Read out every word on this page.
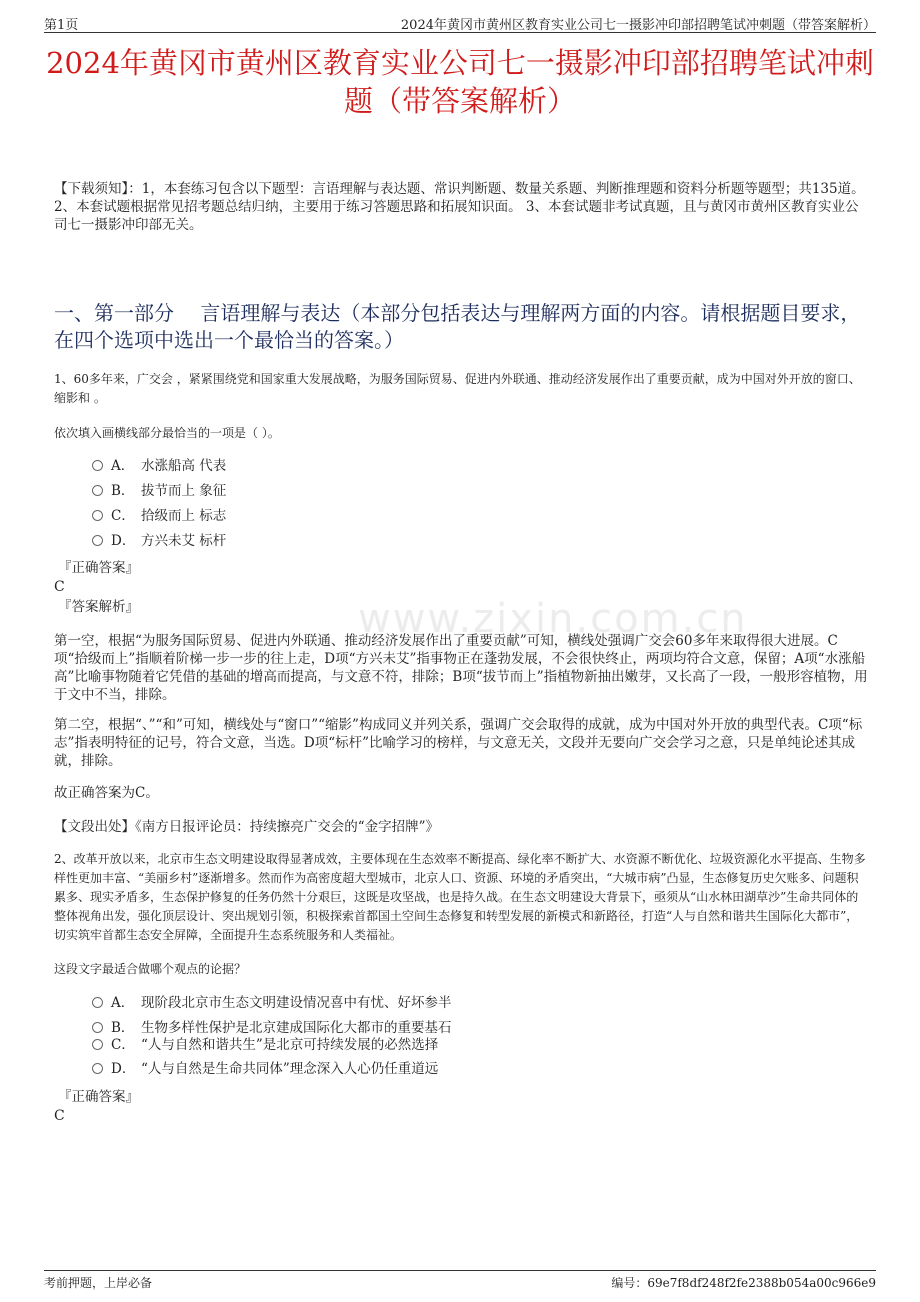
第1页	2024年黄冈市黄州区教育实业公司七一摄影冲印部招聘笔试冲刺题（带答案解析）
2024年黄冈市黄州区教育实业公司七一摄影冲印部招聘笔试冲刺题（带答案解析）
【下载须知】：1，本套练习包含以下题型：言语理解与表达题、常识判断题、数量关系题、判断推理题和资料分析题等题型；共135道。 2、本套试题根据常见招考题总结归纳，主要用于练习答题思路和拓展知识面。 3、本套试题非考试真题，且与黄冈市黄州区教育实业公司七一摄影冲印部无关。
一、第一部分　 言语理解与表达（本部分包括表达与理解两方面的内容。请根据题目要求，在四个选项中选出一个最恰当的答案。）
www.zixin.com.cn
1、60多年来，广交会 ，紧紧围绕党和国家重大发展战略，为服务国际贸易、促进内外联通、推动经济发展作出了重要贡献，成为中国对外开放的窗口、缩影和 。
依次填入画横线部分最恰当的一项是（ ）。
A． 水涨船高 代表
B． 拔节而上 象征
C． 拾级而上 标志
D． 方兴未艾 标杆
『正确答案』
C
『答案解析』
第一空，根据“为服务国际贸易、促进内外联通、推动经济发展作出了重要贡献”可知，横线处强调广交会60多年来取得很大进展。C项“拾级而上”指顺着阶梯一步一步的往上走，D项“方兴未艾”指事物正在蓬勃发展，不会很快终止，两项均符合文意，保留；A项“水涨船高”比喻事物随着它凭借的基础的增高而提高，与文意不符，排除；B项“拔节而上”指植物新抽出嫩芽，又长高了一段，一般形容植物，用于文中不当，排除。
第二空，根据“、”“和”可知，横线处与“窗口”“缩影”构成同义并列关系，强调广交会取得的成就，成为中国对外开放的典型代表。C项“标志”指表明特征的记号，符合文意，当选。D项“标杆”比喻学习的榜样，与文意无关，文段并无要向广交会学习之意，只是单纯论述其成就，排除。
故正确答案为C。
【文段出处】《南方日报评论员：持续擦亮广交会的“金字招牌”》
2、改革开放以来，北京市生态文明建设取得显著成效，主要体现在生态效率不断提高、绿化率不断扩大、水资源不断优化、垃圾资源化水平提高、生物多样性更加丰富、“美丽乡村”逐渐增多。然而作为高密度超大型城市，北京人口、资源、环境的矛盾突出，“大城市病”凸显，生态修复历史欠账多、问题积累多、现实矛盾多，生态保护修复的任务仍然十分艰巨，这既是攻坚战，也是持久战。在生态文明建设大背景下，亟须从“山水林田湖草沙”生命共同体的整体视角出发，强化顶层设计、突出规划引领，积极探索首都国土空间生态修复和转型发展的新模式和新路径，打造“人与自然和谐共生国际化大都市”，切实筑牢首都生态安全屏障，全面提升生态系统服务和人类福祉。
这段文字最适合做哪个观点的论据？
A． 现阶段北京市生态文明建设情况喜中有忧、好坏参半
B． 生物多样性保护是北京建成国际化大都市的重要基石
C． “人与自然和谐共生”是北京可持续发展的必然选择
D． “人与自然是生命共同体”理念深入人心仍任重道远
『正确答案』
C
考前押题，上岸必备	编号：69e7f8df248f2fe2388b054a00c966e9
